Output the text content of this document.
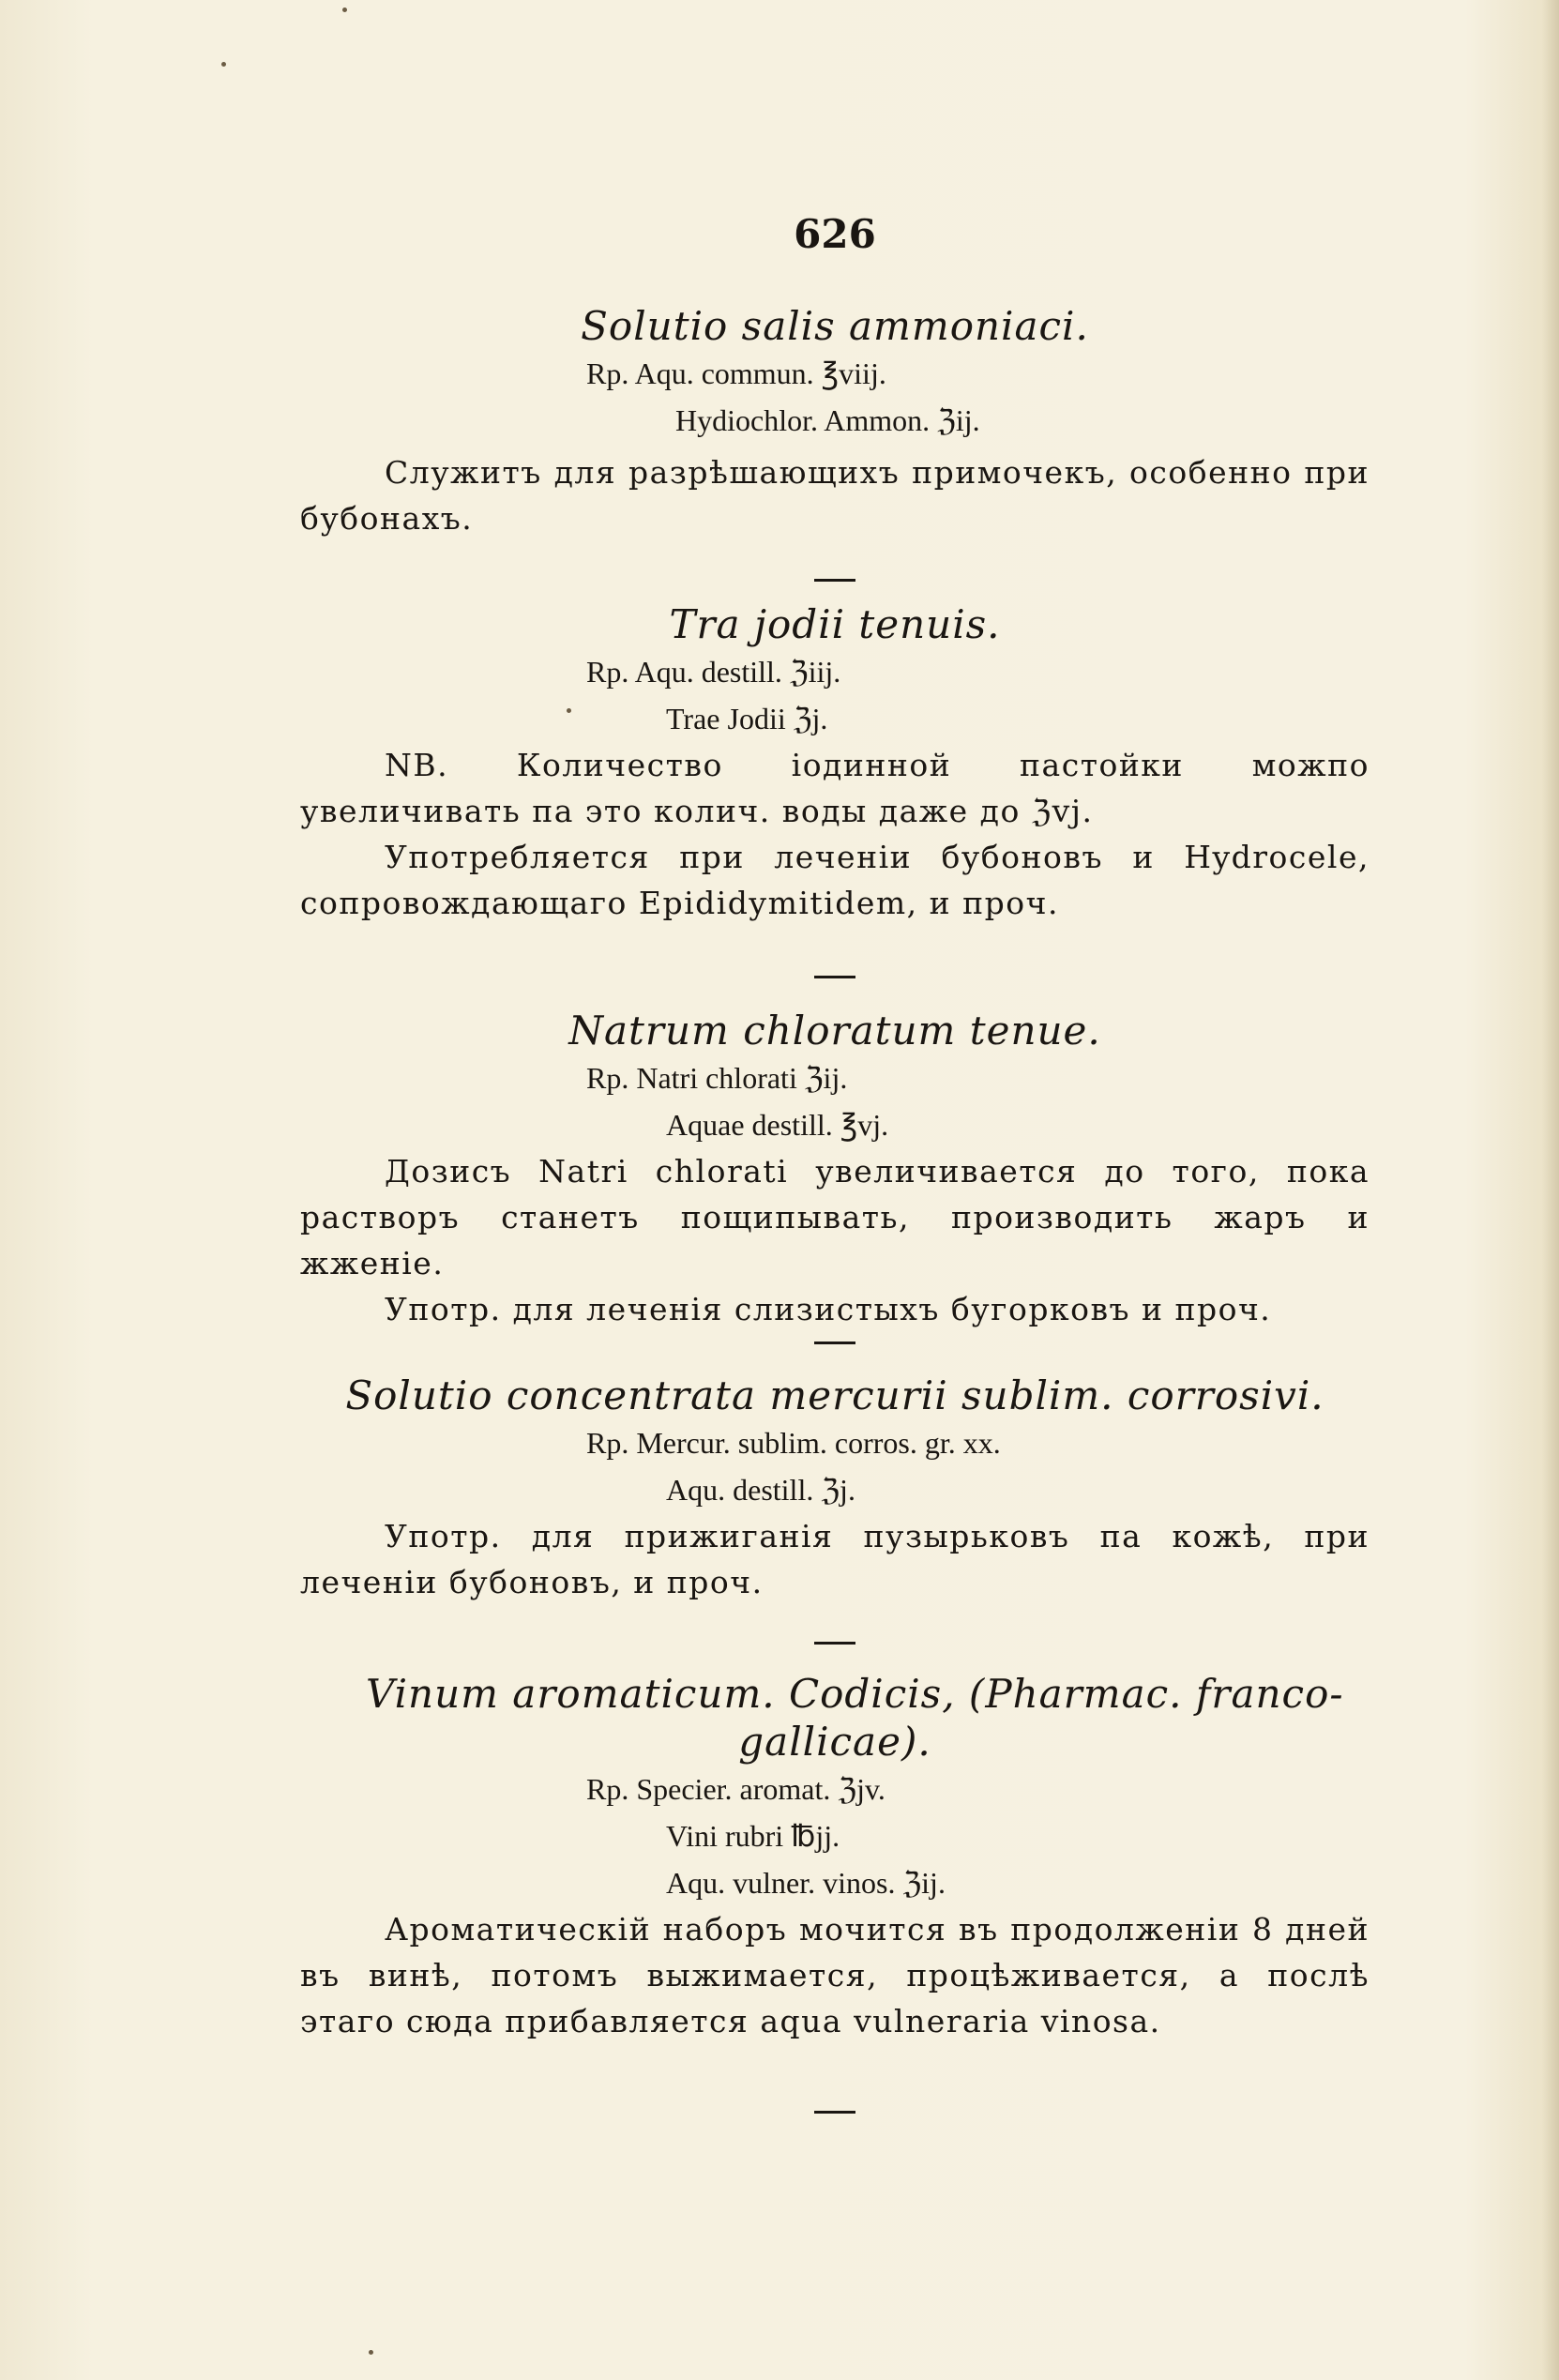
626
Solutio salis ammoniaci.
Rp. Aqu. commun. ℥viij.
Hydiochlor. Ammon. ℨij.
Служитъ для разрѣшающихъ примочекъ, особенно при бубонахъ.
Tra jodii tenuis.
Rp. Aqu. destill. ℨiij.
Trae Jodii ℨj.
NB. Количество іодинной пастойки можпо увеличивать па это колич. воды даже до ℨvj.
Употребляется при леченіи бубоновъ и Hydrocele, сопровождающаго Epididymitidem, и проч.
Natrum chloratum tenue.
Rp. Natri chlorati ℨij.
Aquae destill. ℥vj.
Дозисъ Natri chlorati увеличивается до того, пока растворъ станетъ пощипывать, производить жаръ и жженіе.
Употр. для леченія слизистыхъ бугорковъ и проч.
Solutio concentrata mercurii sublim. corrosivi.
Rp. Mercur. sublim. corros. gr. xx.
Aqu. destill. ℨj.
Употр. для прижиганія пузырьковъ па кожѣ, при леченіи бубоновъ, и проч.
Vinum aromaticum. Codicis, (Pharmac. franco-
gallicae).
Rp. Specier. aromat. ℨjv.
Vini rubri ℔jj.
Aqu. vulner. vinos. ℨij.
Ароматическій наборъ мочится въ продолженіи 8 дней въ винѣ, потомъ выжимается, процѣживается, а послѣ этаго сюда прибавляется aqua vulneraria vinosa.
